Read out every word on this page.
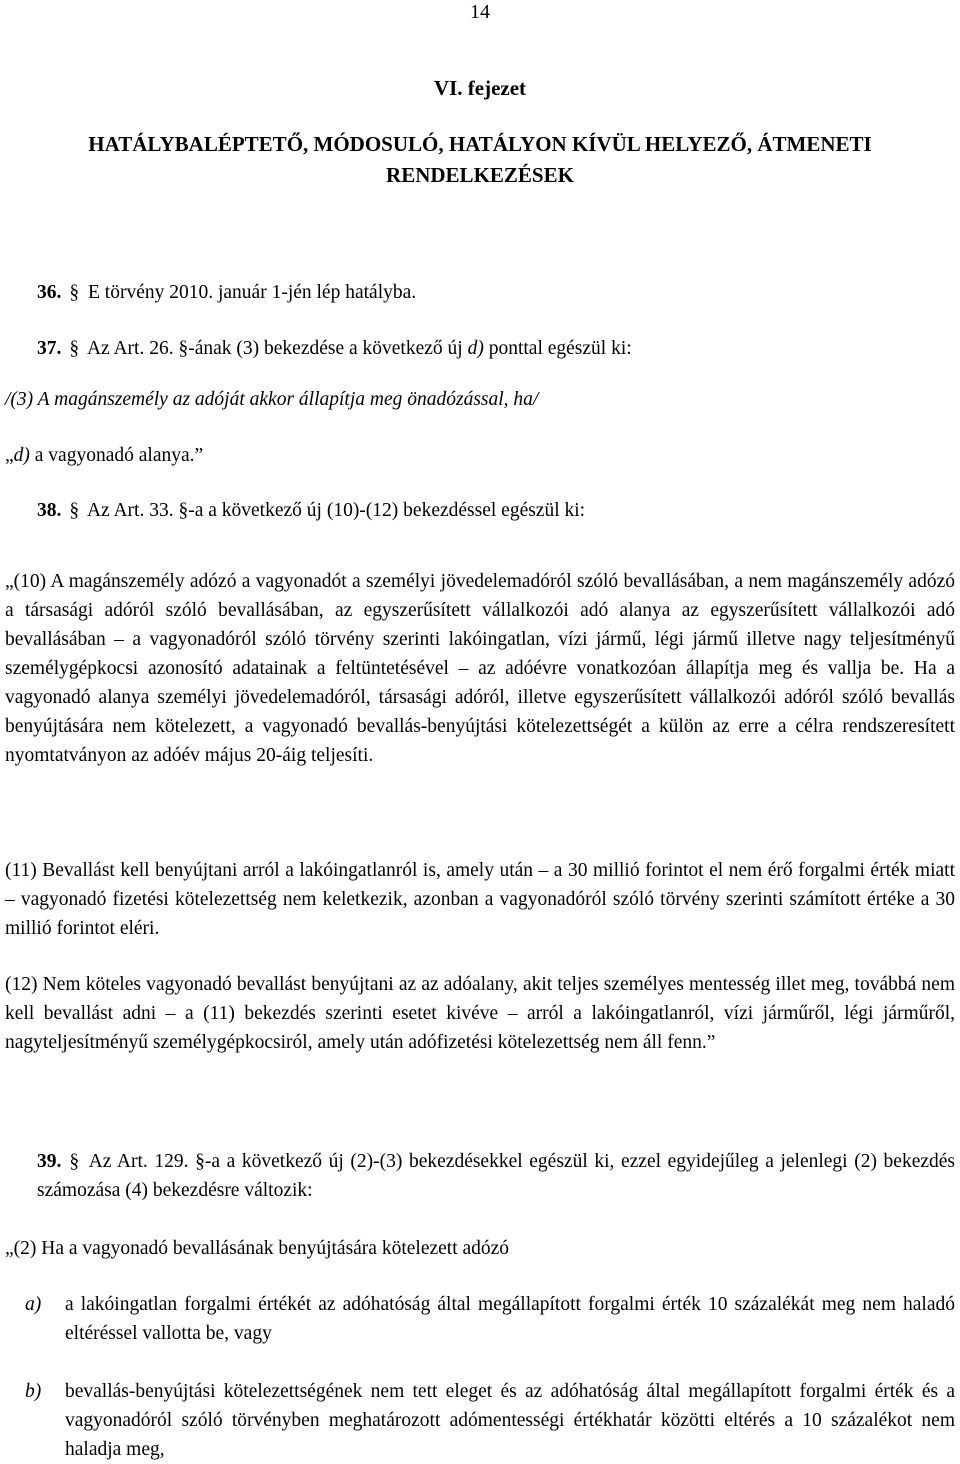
14

VI. fejezet

HATÁLYBALÉPTETŐ, MÓDOSULÓ, HATÁLYON KÍVÜL HELYEZŐ, ÁTMENETI
RENDELKEZÉSEK

36. § E törvény 2010. január 1-jén lép hatályba.

37. § Az Art. 26. §-ának (3) bekezdése a következő új d) ponttal egészül ki:

/(3) A magánszemély az adóját akkor állapítja meg önadózással, ha/

„d) a vagyonadó alanya.”

38. § Az Art. 33. §-a a következő új (10)-(12) bekezdéssel egészül ki:

„(10) A magánszemély adózó a vagyonadót a személyi jövedelemadóról szóló bevallásában, a nem magánszemély adózó a társasági adóról szóló bevallásában, az egyszerűsített vállalkozói adó alanya az egyszerűsített vállalkozói adó bevallásában – a vagyonadóról szóló törvény szerinti lakóingatlan, vízi jármű, légi jármű illetve nagy teljesítményű személygépkocsi azonosító adatainak a feltüntetésével – az adóévre vonatkozóan állapítja meg és vallja be. Ha a vagyonadó alanya személyi jövedelemadóról, társasági adóról, illetve egyszerűsített vállalkozói adóról szóló bevallás benyújtására nem kötelezett, a vagyonadó bevallás-benyújtási kötelezettségét a külön az erre a célra rendszeresített nyomtatványon az adóév május 20-áig teljesíti.

(11) Bevallást kell benyújtani arról a lakóingatlanról is, amely után – a 30 millió forintot el nem érő forgalmi érték miatt – vagyonadó fizetési kötelezettség nem keletkezik, azonban a vagyonadóról szóló törvény szerinti számított értéke a 30 millió forintot eléri.

(12) Nem köteles vagyonadó bevallást benyújtani az az adóalany, akit teljes személyes mentesség illet meg, továbbá nem kell bevallást adni – a (11) bekezdés szerinti esetet kivéve – arról a lakóingatlanról, vízi járműről, légi járműről, nagyteljesítményű személygépkocsiról, amely után adófizetési kötelezettség nem áll fenn.”

39. § Az Art. 129. §-a a következő új (2)-(3) bekezdésekkel egészül ki, ezzel egyidejűleg a jelenlegi (2) bekezdés számozása (4) bekezdésre változik:

„(2) Ha a vagyonadó bevallásának benyújtására kötelezett adózó

a) a lakóingatlan forgalmi értékét az adóhatóság által megállapított forgalmi érték 10 százalékát meg nem haladó eltéréssel vallotta be, vagy
b) bevallás-benyújtási kötelezettségének nem tett eleget és az adóhatóság által megállapított forgalmi érték és a vagyonadóról szóló törvényben meghatározott adómentességi értékhatár közötti eltérés a 10 százalékot nem haladja meg,
